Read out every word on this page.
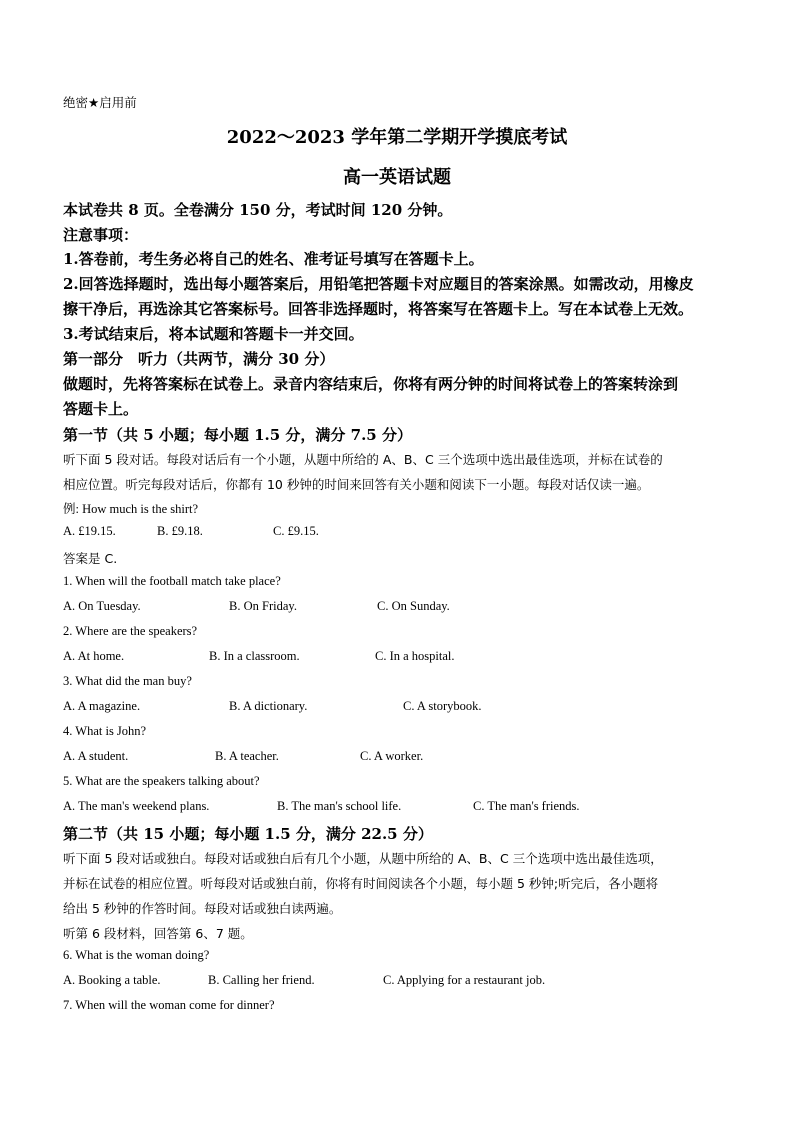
绝密★启用前
2022～2023 学年第二学期开学摸底考试
高一英语试题
本试卷共 8 页。全卷满分 150 分，考试时间 120 分钟。
注意事项：
1.答卷前，考生务必将自己的姓名、准考证号填写在答题卡上。
2.回答选择题时，选出每小题答案后，用铅笔把答题卡对应题目的答案涂黑。如需改动，用橡皮
擦干净后，再选涂其它答案标号。回答非选择题时，将答案写在答题卡上。写在本试卷上无效。
3.考试结束后，将本试题和答题卡一并交回。
第一部分　听力（共两节，满分 30 分）
做题时，先将答案标在试卷上。录音内容结束后，你将有两分钟的时间将试卷上的答案转涂到
答题卡上。
第一节（共 5 小题；每小题 1.5 分，满分 7.5 分）
听下面 5 段对话。每段对话后有一个小题，从题中所给的 A、B、C 三个选项中选出最佳选项，并标在试卷的
相应位置。听完每段对话后，你都有 10 秒钟的时间来回答有关小题和阅读下一小题。每段对话仅读一遍。
例: How much is the shirt?
A. £19.15.	B. £9.18.	C. £9.15.
答案是 C.
1. When will the football match take place?
A. On Tuesday.	B. On Friday.	C. On Sunday.
2. Where are the speakers?
A. At home.	B. In a classroom.	C. In a hospital.
3. What did the man buy?
A. A magazine.	B. A dictionary.	C. A storybook.
4. What is John?
A. A student.	B. A teacher.	C. A worker.
5. What are the speakers talking about?
A. The man's weekend plans.	B. The man's school life.	C. The man's friends.
第二节（共 15 小题；每小题 1.5 分，满分 22.5 分）
听下面 5 段对话或独白。每段对话或独白后有几个小题，从题中所给的 A、B、C 三个选项中选出最佳选项，
并标在试卷的相应位置。听每段对话或独白前，你将有时间阅读各个小题，每小题 5 秒钟;听完后，各小题将
给出 5 秒钟的作答时间。每段对话或独白读两遍。
听第 6 段材料，回答第 6、7 题。
6. What is the woman doing?
A. Booking a table.	B. Calling her friend.	C. Applying for a restaurant job.
7. When will the woman come for dinner?
